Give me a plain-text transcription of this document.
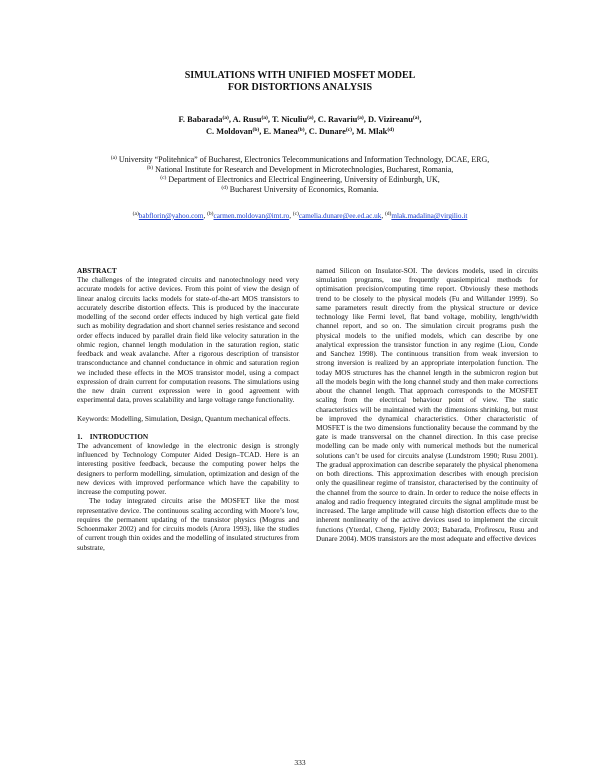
SIMULATIONS WITH UNIFIED MOSFET MODEL
FOR DISTORTIONS ANALYSIS
F. Babarada$^{(a)}$, A. Rusu$^{(a)}$, T. Niculiu$^{(a)}$, C. Ravariu$^{(a)}$, D. Vizireanu$^{(a)}$,
C. Moldovan$^{(b)}$, E. Manea$^{(b)}$, C. Dunare$^{(c)}$, M. Mlak$^{(d)}$
$^{(a)}$ University “Politehnica” of Bucharest, Electronics Telecommunications and Information Technology, DCAE, ERG,
$^{(b)}$ National Institute for Research and Development in Microtechnologies, Bucharest, Romania,
$^{(c)}$ Department of Electronics and Electrical Engineering, University of Edinburgh, UK,
$^{(d)}$ Bucharest University of Economics, Romania.
$^{(a)}$babflorin@yahoo.com, $^{(b)}$carmen.moldovan@imt.ro, $^{(c)}$camelia.dunare@ee.ed.ac.uk, $^{(d)}$mlak.madalina@virgilio.it

ABSTRACT

The challenges of the integrated circuits and nanotechnology need very accurate models for active devices. From this point of view the design of linear analog circuits lacks models for state-of-the-art MOS transistors to accurately describe distortion effects. This is produced by the inaccurate modelling of the second order effects induced by high vertical gate field such as mobility degradation and short channel series resistance and second order effects induced by parallel drain field like velocity saturation in the ohmic region, channel length modulation in the saturation region, static feedback and weak avalanche. After a rigorous description of transistor transconductance and channel conductance in ohmic and saturation region we included these effects in the MOS transistor model, using a compact expression of drain current for computation reasons. The simulations using the new drain current expression were in good agreement with experimental data, proves scalability and large voltage range functionality.

Keywords: Modelling, Simulation, Design, Quantum mechanical effects.

1. INTRODUCTION

The advancement of knowledge in the electronic design is strongly influenced by Technology Computer Aided Design–TCAD. Here is an interesting positive feedback, because the computing power helps the designers to perform modelling, simulation, optimization and design of the new devices with improved performance which have the capability to increase the computing power.

The today integrated circuits arise the MOSFET like the most representative device. The continuous scaling according with Moore’s low, requires the permanent updating of the transistor physics (Mogrus and Schoenmaker 2002) and for circuits models (Arora 1993), like the studies of current trough thin oxides and the modelling of insulated structures from substrate,

named Silicon on Insulator-SOI. The devices models, used in circuits simulation programs, use frequently quasiempirical methods for optimisation precision/computing time report. Obviously these methods trend to be closely to the physical models (Fu and Willander 1999). So same parameters result directly from the physical structure or device technology like Fermi level, flat band voltage, mobility, length/width channel report, and so on. The simulation circuit programs push the physical models to the unified models, which can describe by one analytical expression the transistor function in any regime (Liou, Conde and Sanchez 1998). The continuous transition from weak inversion to strong inversion is realized by an appropriate interpolation function. The today MOS structures has the channel length in the submicron region but all the models begin with the long channel study and then make corrections about the channel length. That approach corresponds to the MOSFET scaling from the electrical behaviour point of view. The static characteristics will be maintained with the dimensions shrinking, but must be improved the dynamical characteristics. Other characteristic of MOSFET is the two dimensions functionality because the command by the gate is made transversal on the channel direction. In this case precise modelling can be made only with numerical methods but the numerical solutions can’t be used for circuits analyse (Lundstrom 1990; Rusu 2001). The gradual approximation can describe separately the physical phenomena on both directions. This approximation describes with enough precision only the quasilinear regime of transistor, characterised by the continuity of the channel from the source to drain. In order to reduce the noise effects in analog and radio frequency integrated circuits the signal amplitude must be increased. The large amplitude will cause high distortion effects due to the inherent nonlinearity of the active devices used to implement the circuit functions (Yterdal, Cheng, Fjeldly 2003; Babarada, Profirescu, Rusu and Dunare 2004). MOS transistors are the most adequate and effective devices

333
